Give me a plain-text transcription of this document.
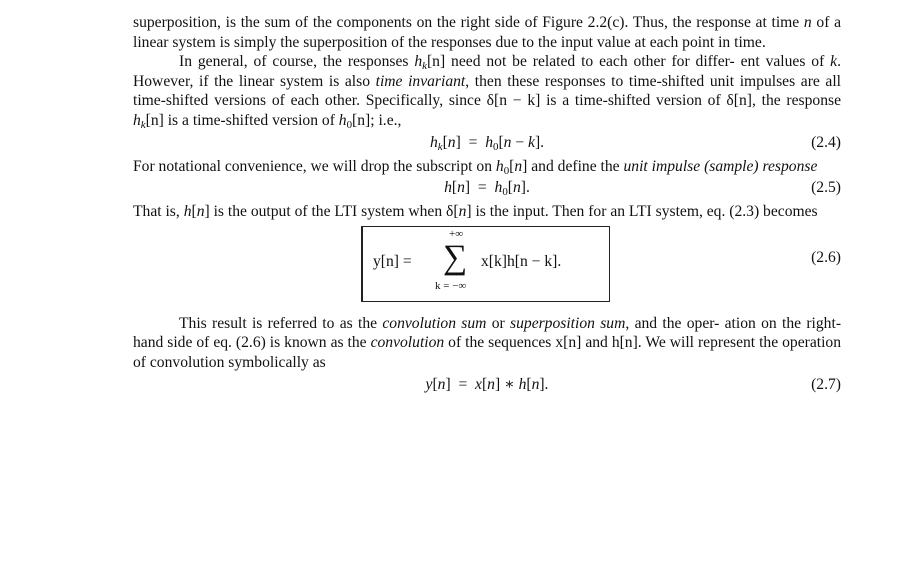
superposition, is the sum of the components on the right side of Figure 2.2(c). Thus, the response at time n of a linear system is simply the superposition of the responses due to the input value at each point in time.

In general, of course, the responses $h_k[n]$ need not be related to each other for differ- ent values of k. However, if the linear system is also time invariant, then these responses to time-shifted unit impulses are all time-shifted versions of each other. Specifically, since δ[n − k] is a time-shifted version of δ[n], the response $h_k[n]$ is a time-shifted version of $h_0[n]$; i.e.,

$h_k[n] = h_0[n - k]$.	(2.4)

For notational convenience, we will drop the subscript on $h_0[n]$ and define the unit impulse (sample) response

$h[n] = h_0[n]$.	(2.5)

That is, h[n] is the output of the LTI system when δ[n] is the input. Then for an LTI system, eq. (2.3) becomes

y[n] =
+∞
∑
k = −∞
x[k]h[n − k].	(2.6)

This result is referred to as the convolution sum or superposition sum, and the oper- ation on the right-hand side of eq. (2.6) is known as the convolution of the sequences x[n] and h[n]. We will represent the operation of convolution symbolically as

y[n]  =  x[n] ∗ h[n].	(2.7)
